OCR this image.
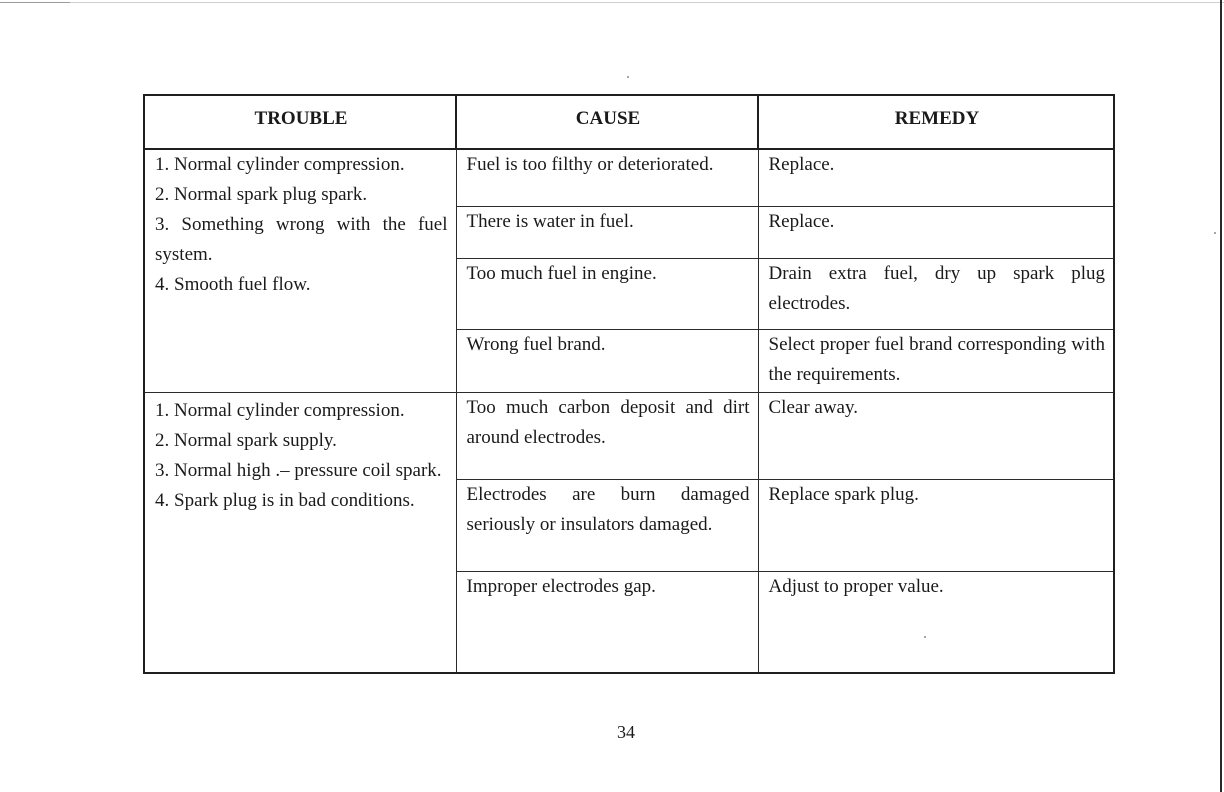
TROUBLE	CAUSE	REMEDY

1. Normal cylinder compression.
2. Normal spark plug spark.
3. Something wrong with the fuel system.
4. Smooth fuel flow.	Fuel is too filthy or deteriorated.	Replace.
	There is water in fuel.	Replace.
	Too much fuel in engine.	Drain extra fuel, dry up spark plug electrodes.
	Wrong fuel brand.	Select proper fuel brand corresponding with the requirements.

1. Normal cylinder compression.
2. Normal spark supply.
3. Normal high .– pressure coil spark.
4. Spark plug is in bad conditions.	Too much carbon deposit and dirt around electrodes.	Clear away.
	Electrodes are burn damaged seriously or insulators damaged.	Replace spark plug.
	Improper electrodes gap.	Adjust to proper value.
34
